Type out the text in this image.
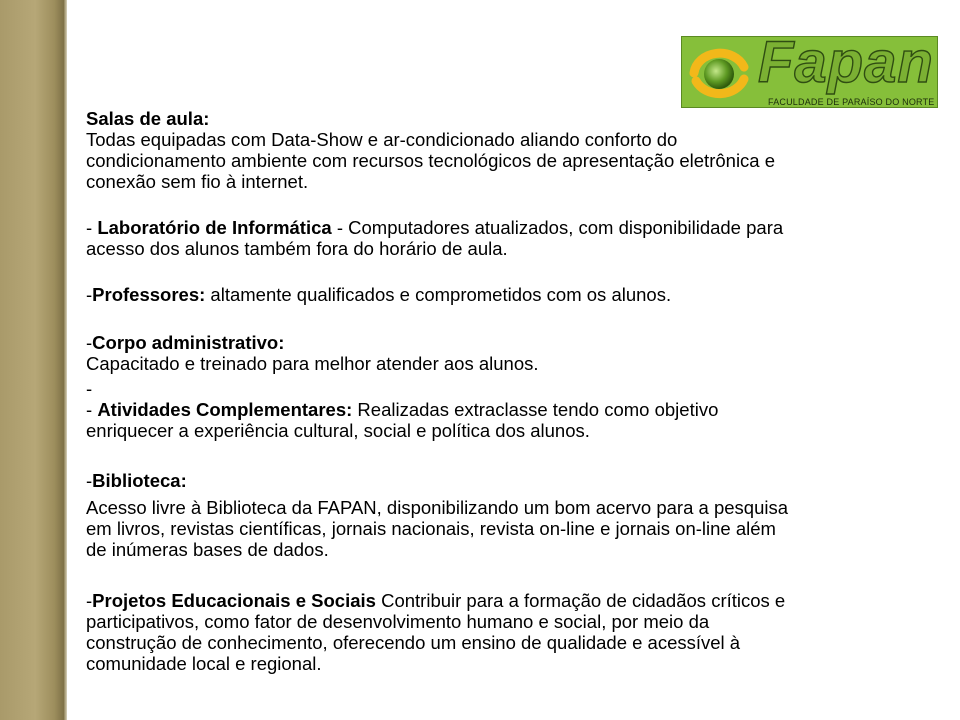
Fapan
FACULDADE DE PARAÍSO DO NORTE

Salas de aula:

Todas equipadas com Data-Show e ar-condicionado aliando conforto do

condicionamento ambiente com recursos tecnológicos de apresentação eletrônica e

conexão sem fio à internet.

- Laboratório de Informática - Computadores atualizados, com disponibilidade para

acesso dos alunos também fora do horário de aula.

-Professores: altamente qualificados e comprometidos com os alunos.

-Corpo administrativo:

Capacitado e treinado para melhor atender aos alunos.

-

- Atividades Complementares: Realizadas extraclasse tendo como objetivo

enriquecer a experiência cultural, social e política dos alunos.

-Biblioteca:

Acesso livre à Biblioteca da FAPAN, disponibilizando um bom acervo para a pesquisa

em livros, revistas científicas, jornais nacionais, revista on-line e jornais on-line além

de inúmeras bases de dados.

-Projetos Educacionais e Sociais Contribuir para a formação de cidadãos críticos e

participativos, como fator de desenvolvimento humano e social, por meio da

construção de conhecimento, oferecendo um ensino de qualidade e acessível à

comunidade local e regional.
